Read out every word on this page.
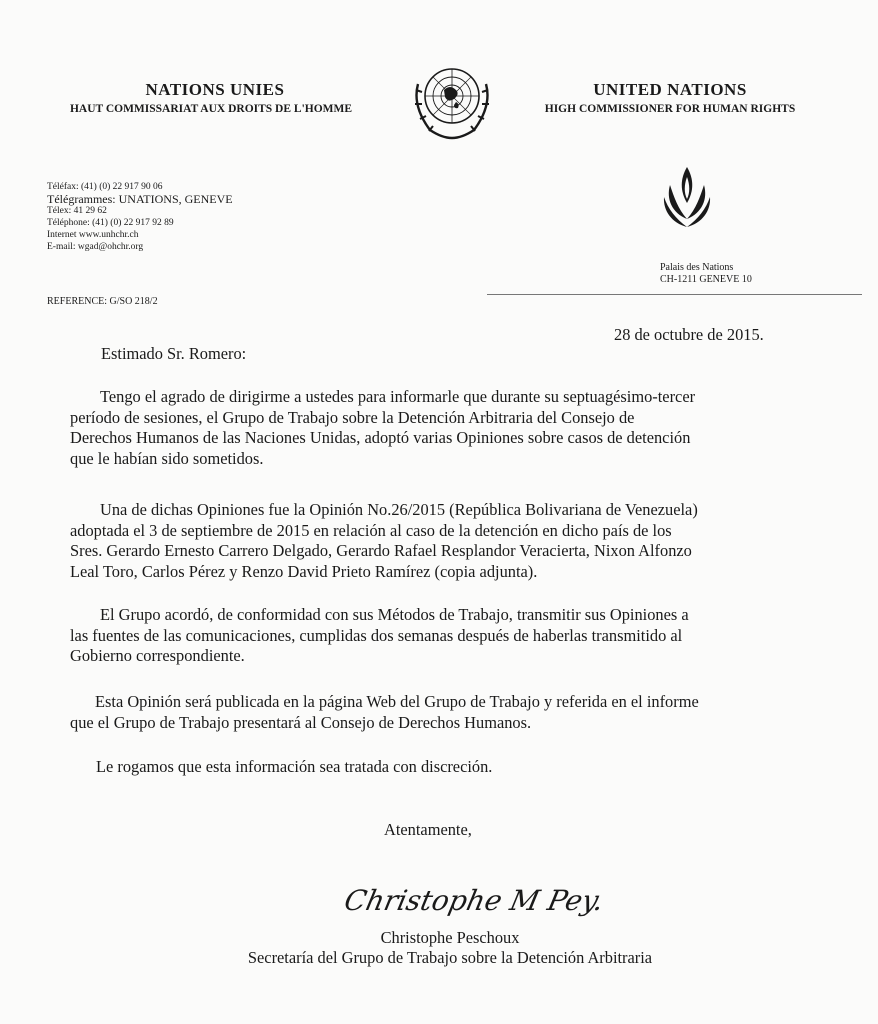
NATIONS UNIES
HAUT COMMISSARIAT AUX DROITS DE L'HOMME
UNITED NATIONS
HIGH COMMISSIONER FOR HUMAN RIGHTS
Téléfax: (41) (0) 22 917 90 06
Télégrammes: UNATIONS, GENEVE
Télex: 41 29 62
Téléphone: (41) (0) 22 917 92 89
Internet www.unhchr.ch
E-mail: wgad@ohchr.org
Palais des Nations
CH-1211 GENEVE 10
REFERENCE: G/SO 218/2
28 de octubre de 2015.
Estimado Sr. Romero:
Tengo el agrado de dirigirme a ustedes para informarle que durante su septuagésimo-tercer
período de sesiones, el Grupo de Trabajo sobre la Detención Arbitraria del Consejo de
Derechos Humanos de las Naciones Unidas, adoptó varias Opiniones sobre casos de detención
que le habían sido sometidos.
Una de dichas Opiniones fue la Opinión No.26/2015 (República Bolivariana de Venezuela)
adoptada el 3 de septiembre de 2015 en relación al caso de la detención en dicho país de los
Sres. Gerardo Ernesto Carrero Delgado, Gerardo Rafael Resplandor Veracierta, Nixon Alfonzo
Leal Toro, Carlos Pérez y Renzo David Prieto Ramírez (copia adjunta).
El Grupo acordó, de conformidad con sus Métodos de Trabajo, transmitir sus Opiniones a
las fuentes de las comunicaciones, cumplidas dos semanas después de haberlas transmitido al
Gobierno correspondiente.
Esta Opinión será publicada en la página Web del Grupo de Trabajo y referida en el informe
que el Grupo de Trabajo presentará al Consejo de Derechos Humanos.
Le rogamos que esta información sea tratada con discreción.
Atentamente,
Christophe M Pey.
Christophe Peschoux
Secretaría del Grupo de Trabajo sobre la Detención Arbitraria
